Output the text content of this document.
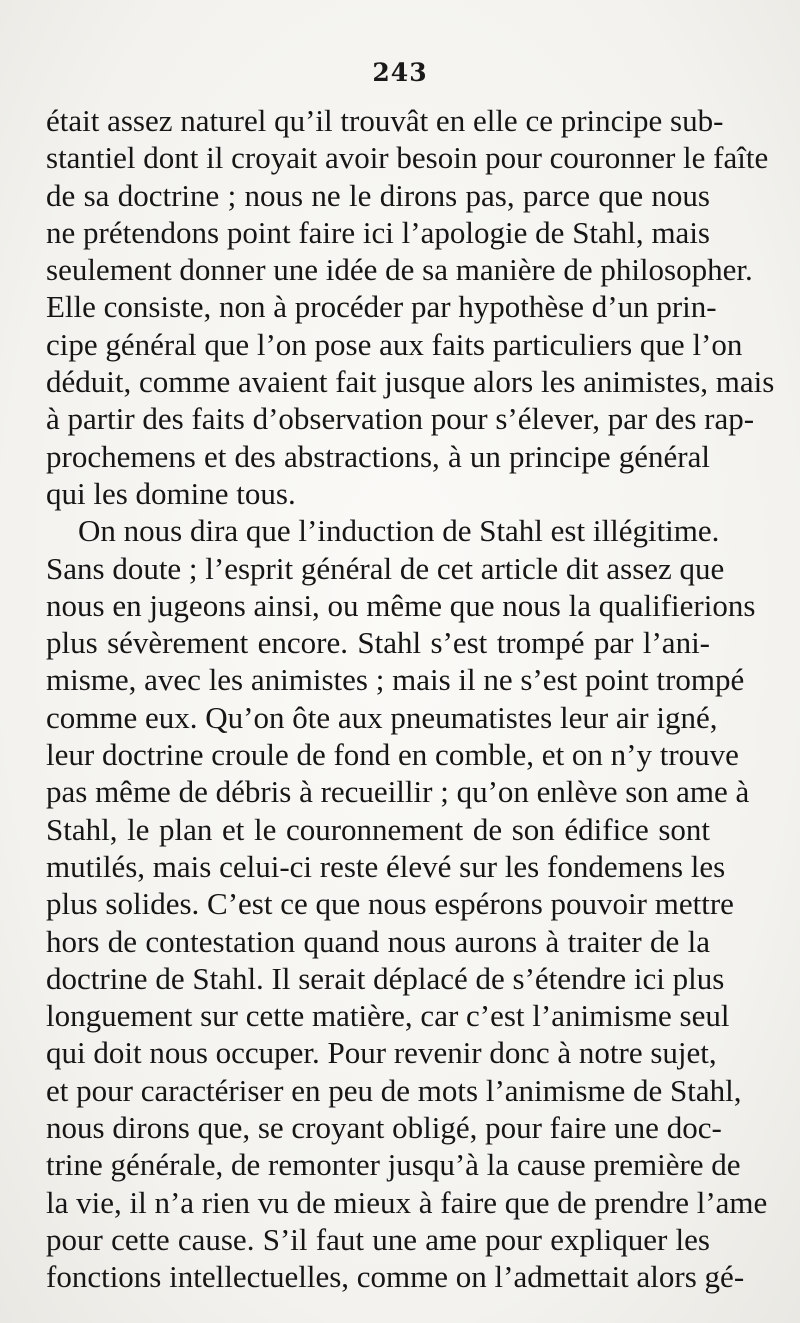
243
était assez naturel qu’il trouvât en elle ce principe sub-
stantiel dont il croyait avoir besoin pour couronner le faîte
de sa doctrine ; nous ne le dirons pas, parce que nous
ne prétendons point faire ici l’apologie de Stahl, mais
seulement donner une idée de sa manière de philosopher.
Elle consiste, non à procéder par hypothèse d’un prin-
cipe général que l’on pose aux faits particuliers que l’on
déduit, comme avaient fait jusque alors les animistes, mais
à partir des faits d’observation pour s’élever, par des rap-
prochemens et des abstractions, à un principe général
qui les domine tous.
On nous dira que l’induction de Stahl est illégitime.
Sans doute ; l’esprit général de cet article dit assez que
nous en jugeons ainsi, ou même que nous la qualifierions
plus sévèrement encore. Stahl s’est trompé par l’ani-
misme, avec les animistes ; mais il ne s’est point trompé
comme eux. Qu’on ôte aux pneumatistes leur air igné,
leur doctrine croule de fond en comble, et on n’y trouve
pas même de débris à recueillir ; qu’on enlève son ame à
Stahl, le plan et le couronnement de son édifice sont
mutilés, mais celui-ci reste élevé sur les fondemens les
plus solides. C’est ce que nous espérons pouvoir mettre
hors de contestation quand nous aurons à traiter de la
doctrine de Stahl. Il serait déplacé de s’étendre ici plus
longuement sur cette matière, car c’est l’animisme seul
qui doit nous occuper. Pour revenir donc à notre sujet,
et pour caractériser en peu de mots l’animisme de Stahl,
nous dirons que, se croyant obligé, pour faire une doc-
trine générale, de remonter jusqu’à la cause première de
la vie, il n’a rien vu de mieux à faire que de prendre l’ame
pour cette cause. S’il faut une ame pour expliquer les
fonctions intellectuelles, comme on l’admettait alors gé-
